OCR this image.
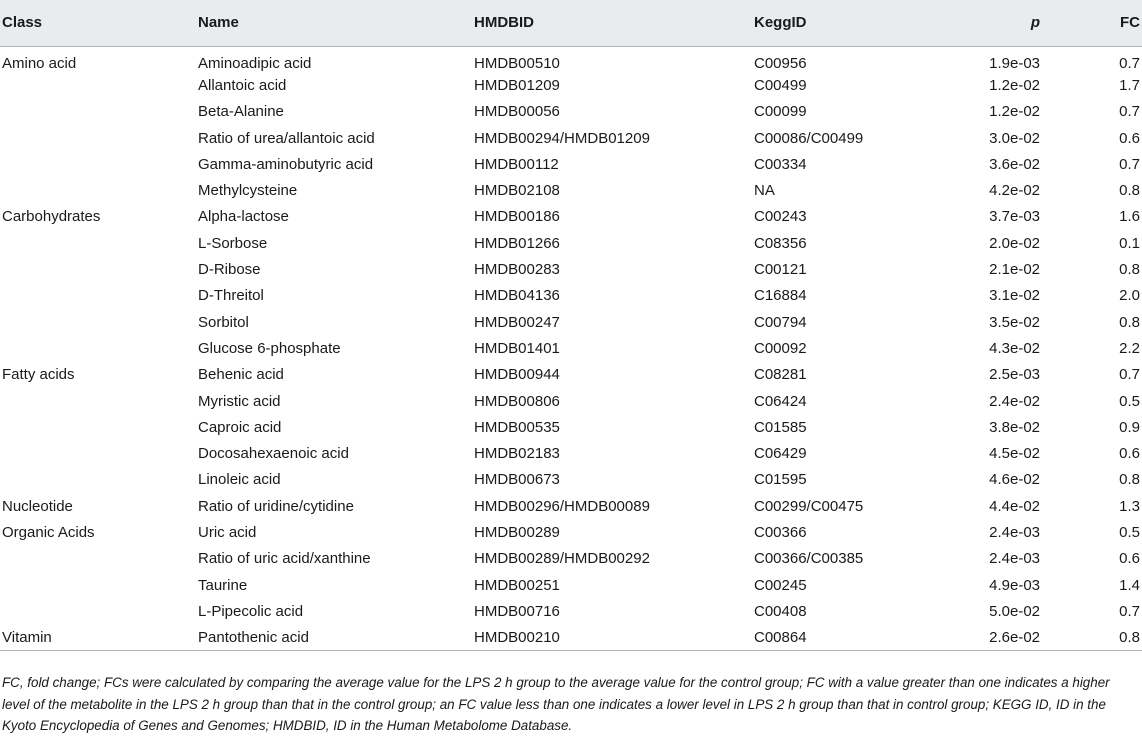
Class	Name	HMDBID	KeggID	p	FC
Amino acid	Aminoadipic acid	HMDB00510	C00956	1.9e-03	0.7
	Allantoic acid	HMDB01209	C00499	1.2e-02	1.7
	Beta-Alanine	HMDB00056	C00099	1.2e-02	0.7
	Ratio of urea/allantoic acid	HMDB00294/HMDB01209	C00086/C00499	3.0e-02	0.6
	Gamma-aminobutyric acid	HMDB00112	C00334	3.6e-02	0.7
	Methylcysteine	HMDB02108	NA	4.2e-02	0.8
Carbohydrates	Alpha-lactose	HMDB00186	C00243	3.7e-03	1.6
	L-Sorbose	HMDB01266	C08356	2.0e-02	0.1
	D-Ribose	HMDB00283	C00121	2.1e-02	0.8
	D-Threitol	HMDB04136	C16884	3.1e-02	2.0
	Sorbitol	HMDB00247	C00794	3.5e-02	0.8
	Glucose 6-phosphate	HMDB01401	C00092	4.3e-02	2.2
Fatty acids	Behenic acid	HMDB00944	C08281	2.5e-03	0.7
	Myristic acid	HMDB00806	C06424	2.4e-02	0.5
	Caproic acid	HMDB00535	C01585	3.8e-02	0.9
	Docosahexaenoic acid	HMDB02183	C06429	4.5e-02	0.6
	Linoleic acid	HMDB00673	C01595	4.6e-02	0.8
Nucleotide	Ratio of uridine/cytidine	HMDB00296/HMDB00089	C00299/C00475	4.4e-02	1.3
Organic Acids	Uric acid	HMDB00289	C00366	2.4e-03	0.5
	Ratio of uric acid/xanthine	HMDB00289/HMDB00292	C00366/C00385	2.4e-03	0.6
	Taurine	HMDB00251	C00245	4.9e-03	1.4
	L-Pipecolic acid	HMDB00716	C00408	5.0e-02	0.7
Vitamin	Pantothenic acid	HMDB00210	C00864	2.6e-02	0.8
FC, fold change; FCs were calculated by comparing the average value for the LPS 2 h group to the average value for the control group; FC with a value greater than one indicates a higher level of the metabolite in the LPS 2 h group than that in the control group; an FC value less than one indicates a lower level in LPS 2 h group than that in control group; KEGG ID, ID in the Kyoto Encyclopedia of Genes and Genomes; HMDBID, ID in the Human Metabolome Database.
